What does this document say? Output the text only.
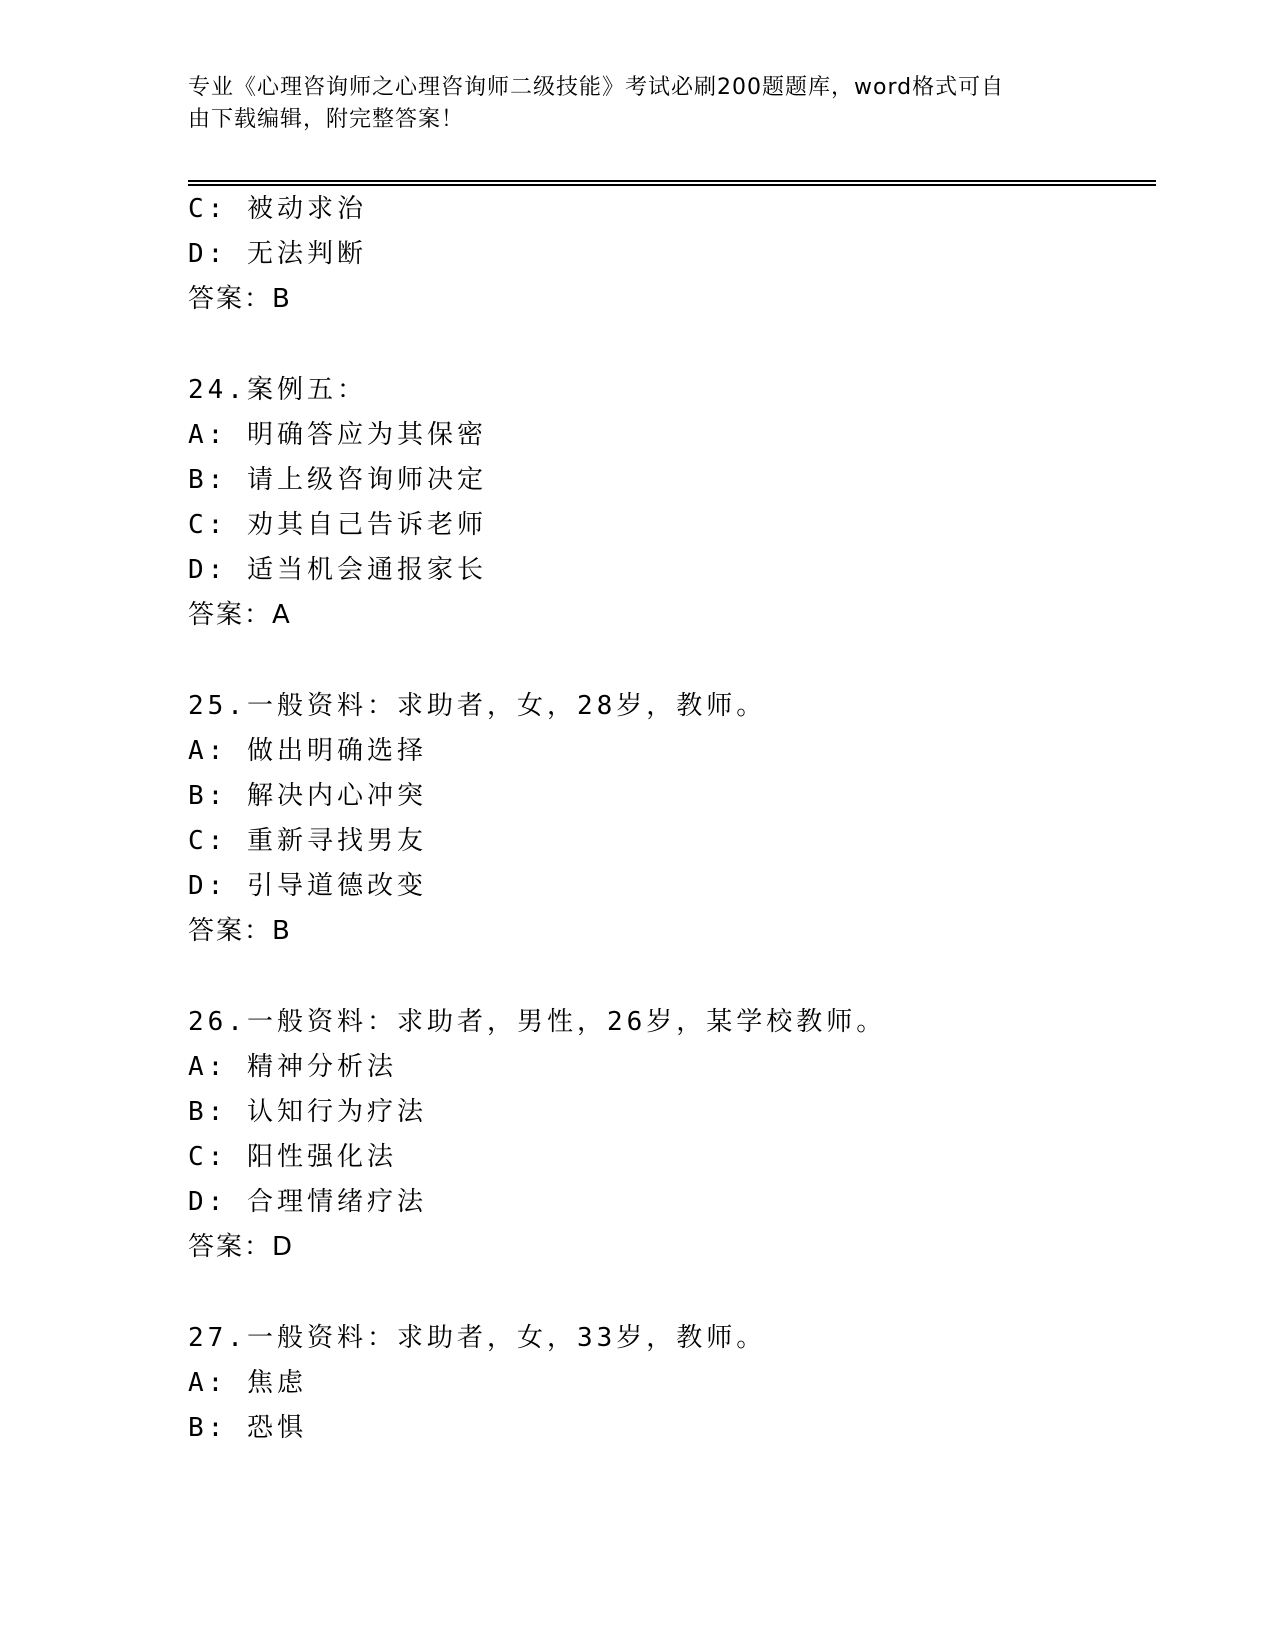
专业《心理咨询师之心理咨询师二级技能》考试必刷200题题库，word格式可自
由下载编辑，附完整答案！
C: 被动求治
D: 无法判断
答案：B
24.案例五：
A: 明确答应为其保密
B: 请上级咨询师决定
C: 劝其自己告诉老师
D: 适当机会通报家长
答案：A
25.一般资料：求助者，女，28岁，教师。
A: 做出明确选择
B: 解决内心冲突
C: 重新寻找男友
D: 引导道德改变
答案：B
26.一般资料：求助者，男性，26岁，某学校教师。
A: 精神分析法
B: 认知行为疗法
C: 阳性强化法
D: 合理情绪疗法
答案：D
27.一般资料：求助者，女，33岁，教师。
A: 焦虑
B: 恐惧
